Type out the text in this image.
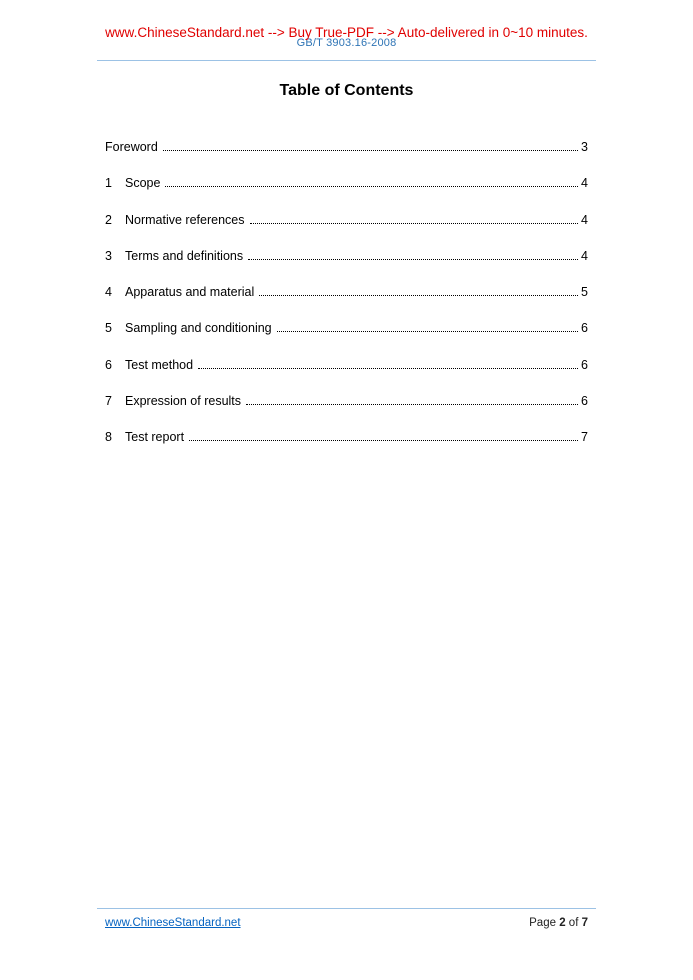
GB/T 3903.16-2008
www.ChineseStandard.net --> Buy True-PDF --> Auto-delivered in 0~10 minutes.
Table of Contents
Foreword	3
1	Scope	4
2	Normative references	4
3	Terms and definitions	4
4	Apparatus and material	5
5	Sampling and conditioning	6
6	Test method	6
7	Expression of results	6
8	Test report	7
www.ChineseStandard.net	Page 2 of 7
